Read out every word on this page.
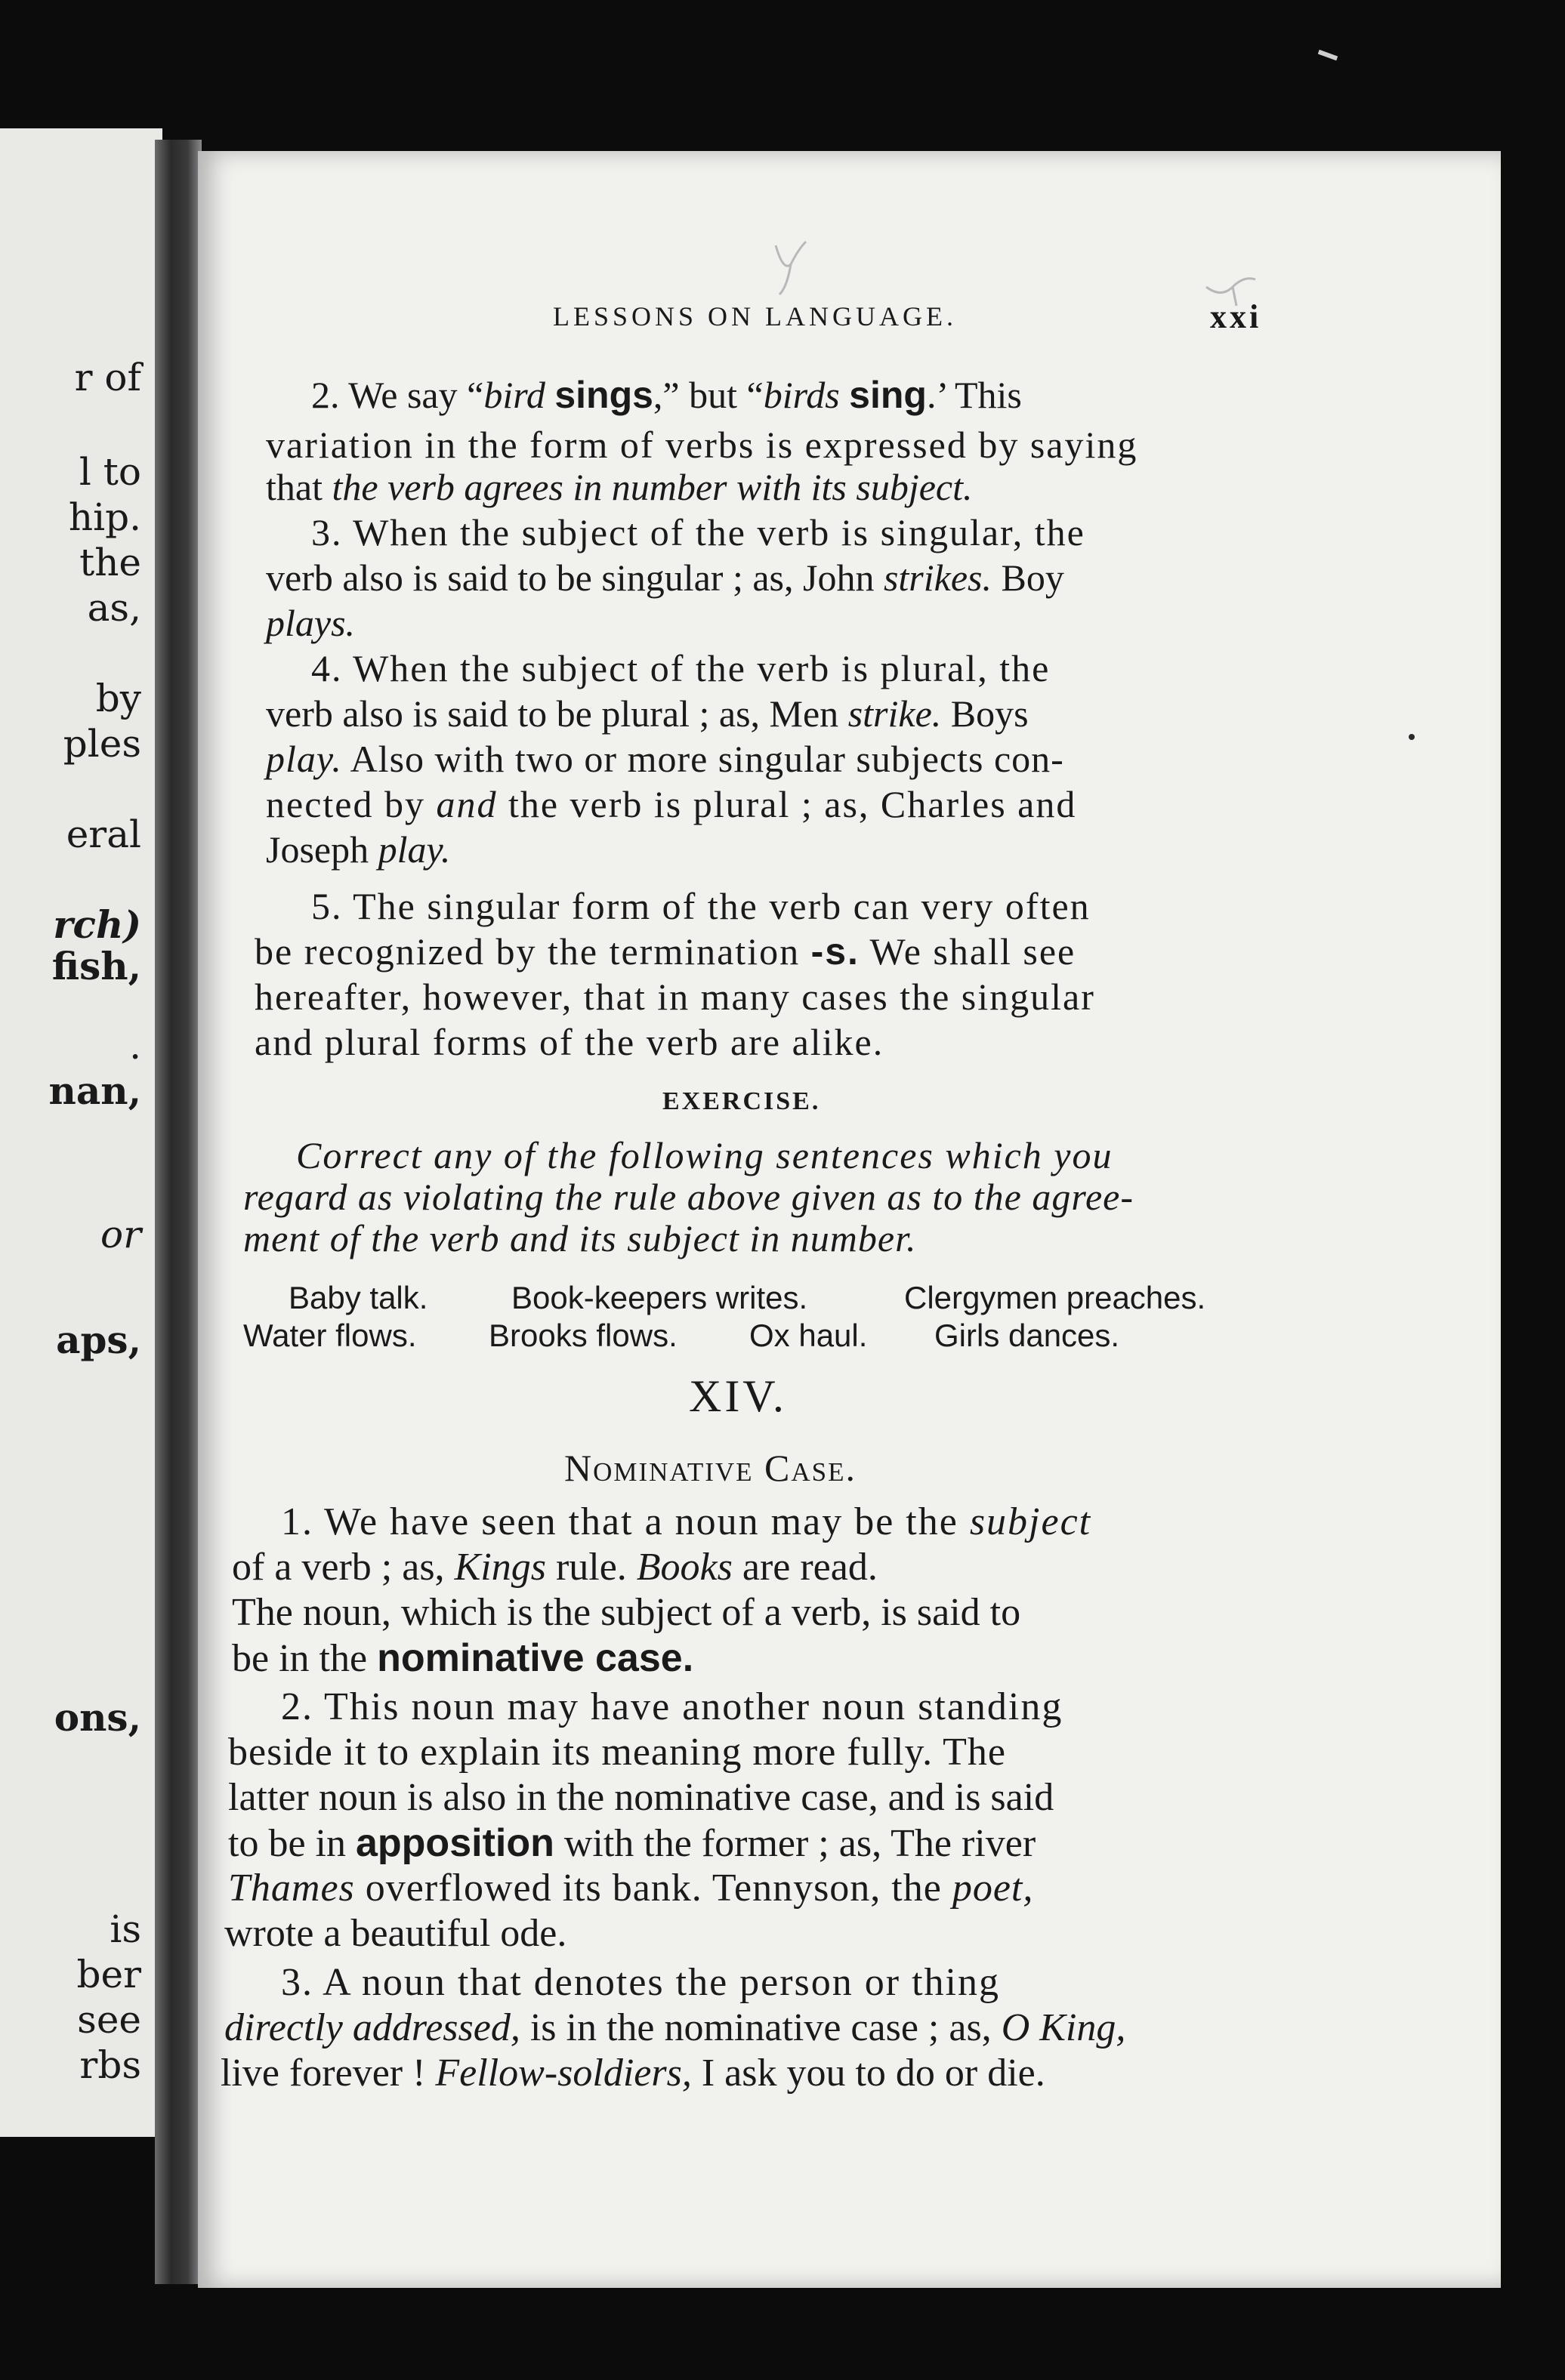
r of

l to

hip.

the

as,

by

ples

eral

rch)

fish,

.

nan,

or

aps,

ons,

is

ber

see

rbs

LESSONS ON LANGUAGE.	xxi

2. We say “bird sings,” but “birds sing.’ This

variation in the form of verbs is expressed by saying

that the verb agrees in number with its subject.

3. When the subject of the verb is singular, the

verb also is said to be singular ; as, John strikes. Boy

plays.

4. When the subject of the verb is plural, the

verb also is said to be plural ; as, Men strike. Boys

play. Also with two or more singular subjects con-

nected by and the verb is plural ; as, Charles and

Joseph play.

5. The singular form of the verb can very often

be recognized by the termination -s. We shall see

hereafter, however, that in many cases the singular

and plural forms of the verb are alike.

EXERCISE.

Correct any of the following sentences which you

regard as violating the rule above given as to the agree-

ment of the verb and its subject in number.

Baby talk.	Book-keepers writes.	Clergymen preaches.
Water flows. Brooks flows. Ox haul. Girls dances.

XIV.

Nominative Case.

1. We have seen that a noun may be the subject

of a verb ; as, Kings rule. Books are read.

The noun, which is the subject of a verb, is said to

be in the nominative case.

2. This noun may have another noun standing

beside it to explain its meaning more fully. The

latter noun is also in the nominative case, and is said

to be in apposition with the former ; as, The river

Thames overflowed its bank. Tennyson, the poet,

wrote a beautiful ode.

3. A noun that denotes the person or thing

directly addressed, is in the nominative case ; as, O King,

live forever ! Fellow-soldiers, I ask you to do or die.
